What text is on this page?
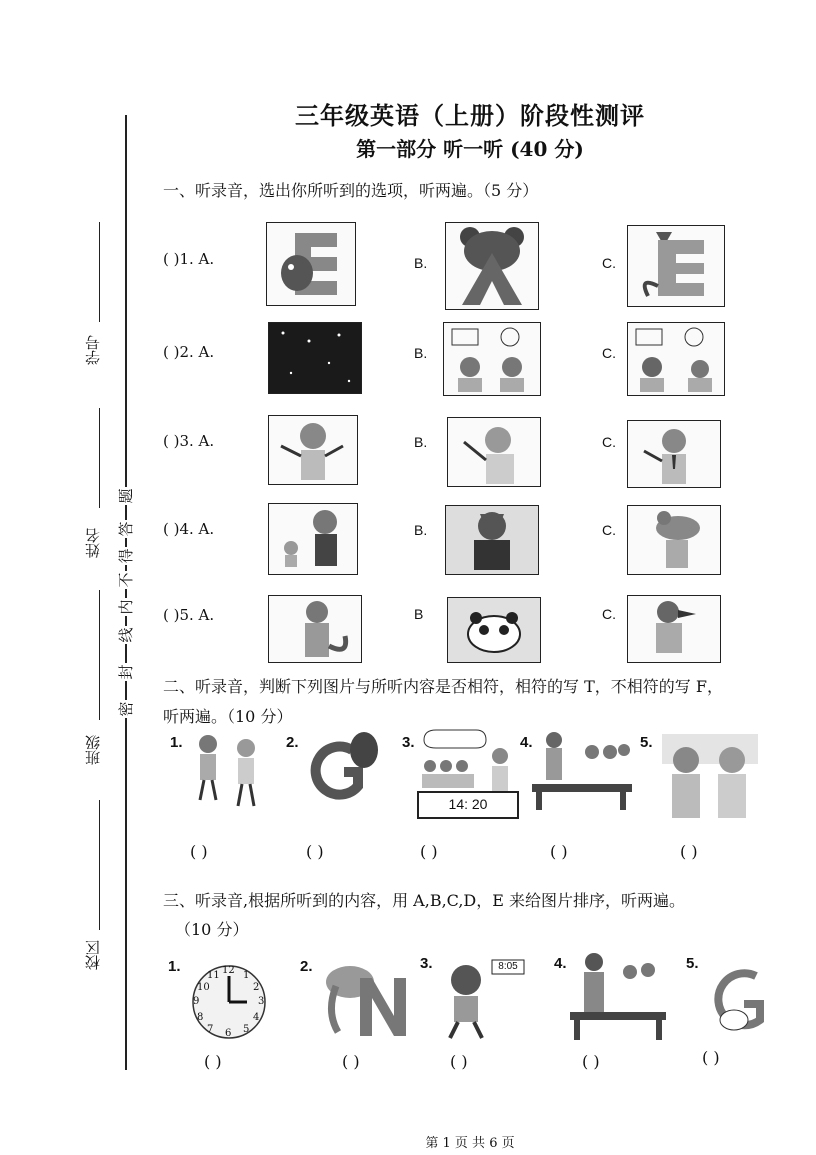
学号
姓名
班级
校区
密
封
线
内
不
得
答
题
三年级英语（上册）阶段性测评
第一部分 听一听 (40 分)
一、听录音，选出你所听到的选项，听两遍。（5 分）
( )1. A.	B.	C.
( )2. A.	B.	C.
( )3. A.	B.	C.
( )4. A.	B.	C.
( )5. A.	B	C.
二、听录音，判断下列图片与所听内容是否相符，相符的写 T，不相符的写 F，
听两遍。（10 分）
1.
( )
2.
( )
3.
14: 20
( )
4.
( )
5.
( )
三、听录音,根据所听到的内容，用 A,B,C,D，E 来给图片排序，听两遍。
（10 分）
1.	12 1
2
3
4
5
6
7
8
9
10
11
( )
2.
( )
3.	8:05
( )
4.
( )
5.
( )
第 1 页 共 6 页
